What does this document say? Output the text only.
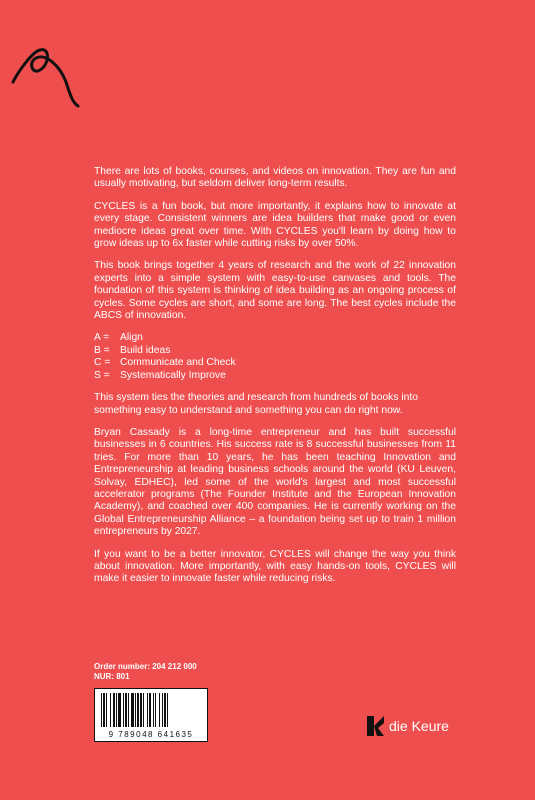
There are lots of books, courses, and videos on innovation. They are fun and usually motivating, but seldom deliver long-term results.

CYCLES is a fun book, but more importantly, it explains how to innovate at every stage. Consistent winners are idea builders that make good or even mediocre ideas great over time. With CYCLES you'll learn by doing how to grow ideas up to 6x faster while cutting risks by over 50%.

This book brings together 4 years of research and the work of 22 innovation experts into a simple system with easy-to-use canvases and tools. The foundation of this system is thinking of idea building as an ongoing process of cycles. Some cycles are short, and some are long. The best cycles include the ABCS of innovation.

A =	Align
B = Build ideas
C = Communicate and Check
S = Systematically Improve

This system ties the theories and research from hundreds of books into something easy to understand and something you can do right now.

Bryan Cassady is a long-time entrepreneur and has built successful businesses in 6 countries. His success rate is 8 successful businesses from 11 tries. For more than 10 years, he has been teaching Innovation and Entrepreneurship at leading business schools around the world (KU Leuven, Solvay, EDHEC), led some of the world's largest and most successful accelerator programs (The Founder Institute and the European Innovation Academy), and coached over 400 companies. He is currently working on the Global Entrepreneurship Alliance – a foundation being set up to train 1 million entrepreneurs by 2027.

If you want to be a better innovator, CYCLES will change the way you think about innovation. More importantly, with easy hands-on tools, CYCLES will make it easier to innovate faster while reducing risks.

Order number: 204 212 000
NUR: 801
9 789048 641635
die Keure
